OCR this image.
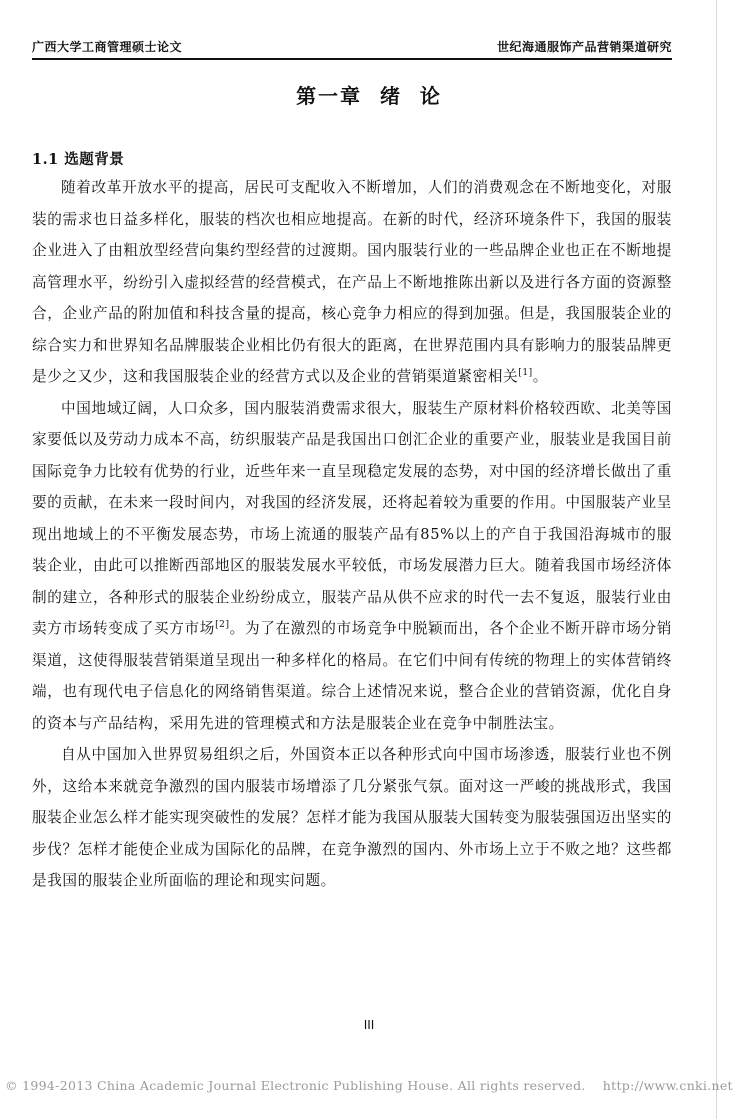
广西大学工商管理硕士论文	世纪海通服饰产品营销渠道研究
第一章  绪  论
1.1 选题背景

随着改革开放水平的提高，居民可支配收入不断增加，人们的消费观念在不断地变化，对服装的需求也日益多样化，服装的档次也相应地提高。在新的时代，经济环境条件下，我国的服装企业进入了由粗放型经营向集约型经营的过渡期。国内服装行业的一些品牌企业也正在不断地提高管理水平，纷纷引入虚拟经营的经营模式，在产品上不断地推陈出新以及进行各方面的资源整合，企业产品的附加值和科技含量的提高，核心竞争力相应的得到加强。但是，我国服装企业的综合实力和世界知名品牌服装企业相比仍有很大的距离，在世界范围内具有影响力的服装品牌更是少之又少，这和我国服装企业的经营方式以及企业的营销渠道紧密相关[1]。

中国地域辽阔，人口众多，国内服装消费需求很大，服装生产原材料价格较西欧、北美等国家要低以及劳动力成本不高，纺织服装产品是我国出口创汇企业的重要产业，服装业是我国目前国际竞争力比较有优势的行业，近些年来一直呈现稳定发展的态势，对中国的经济增长做出了重要的贡献，在未来一段时间内，对我国的经济发展，还将起着较为重要的作用。中国服装产业呈现出地域上的不平衡发展态势，市场上流通的服装产品有85%以上的产自于我国沿海城市的服装企业，由此可以推断西部地区的服装发展水平较低，市场发展潜力巨大。随着我国市场经济体制的建立，各种形式的服装企业纷纷成立，服装产品从供不应求的时代一去不复返，服装行业由卖方市场转变成了买方市场[2]。为了在激烈的市场竞争中脱颖而出，各个企业不断开辟市场分销渠道，这使得服装营销渠道呈现出一种多样化的格局。在它们中间有传统的物理上的实体营销终端，也有现代电子信息化的网络销售渠道。综合上述情况来说，整合企业的营销资源，优化自身的资本与产品结构，采用先进的管理模式和方法是服装企业在竞争中制胜法宝。

自从中国加入世界贸易组织之后，外国资本正以各种形式向中国市场渗透，服装行业也不例外，这给本来就竞争激烈的国内服装市场增添了几分紧张气氛。面对这一严峻的挑战形式，我国服装企业怎么样才能实现突破性的发展？怎样才能为我国从服装大国转变为服装强国迈出坚实的步伐？怎样才能使企业成为国际化的品牌，在竞争激烈的国内、外市场上立于不败之地？这些都是我国的服装企业所面临的理论和现实问题。

III
© 1994-2013 China Academic Journal Electronic Publishing House. All rights reserved.    http://www.cnki.net
